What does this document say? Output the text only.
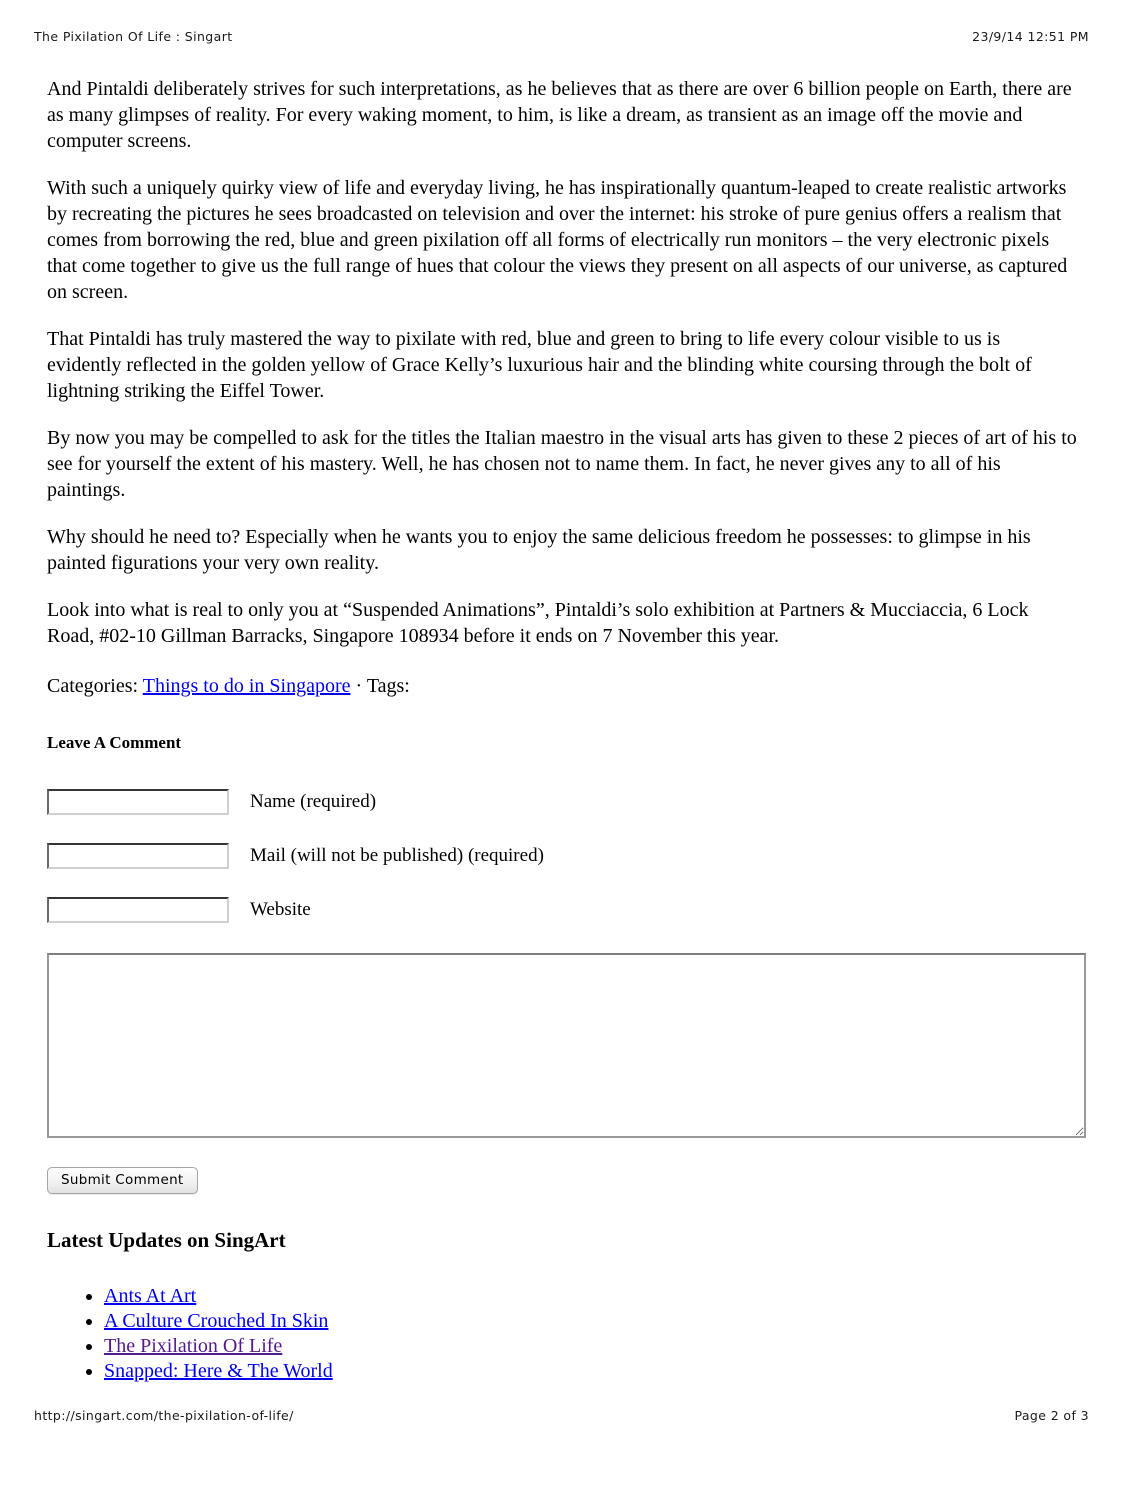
The Pixilation Of Life : Singart	23/9/14 12:51 PM

And Pintaldi deliberately strives for such interpretations, as he believes that as there are over 6 billion people on Earth, there are as many glimpses of reality. For every waking moment, to him, is like a dream, as transient as an image off the movie and computer screens.

With such a uniquely quirky view of life and everyday living, he has inspirationally quantum-leaped to create realistic artworks by recreating the pictures he sees broadcasted on television and over the internet: his stroke of pure genius offers a realism that comes from borrowing the red, blue and green pixilation off all forms of electrically run monitors – the very electronic pixels that come together to give us the full range of hues that colour the views they present on all aspects of our universe, as captured on screen.

That Pintaldi has truly mastered the way to pixilate with red, blue and green to bring to life every colour visible to us is evidently reflected in the golden yellow of Grace Kelly’s luxurious hair and the blinding white coursing through the bolt of lightning striking the Eiffel Tower.

By now you may be compelled to ask for the titles the Italian maestro in the visual arts has given to these 2 pieces of art of his to see for yourself the extent of his mastery. Well, he has chosen not to name them. In fact, he never gives any to all of his paintings.

Why should he need to? Especially when he wants you to enjoy the same delicious freedom he possesses: to glimpse in his painted figurations your very own reality.

Look into what is real to only you at “Suspended Animations”, Pintaldi’s solo exhibition at Partners & Mucciaccia, 6 Lock Road, #02-10 Gillman Barracks, Singapore 108934 before it ends on 7 November this year.

Categories: Things to do in Singapore · Tags:
Leave A Comment
Name (required)
Mail (will not be published) (required)
Website
Submit Comment
Latest Updates on SingArt
• Ants At Art
• A Culture Crouched In Skin
• The Pixilation Of Life
• Snapped: Here & The World
http://singart.com/the-pixilation-of-life/	Page 2 of 3
